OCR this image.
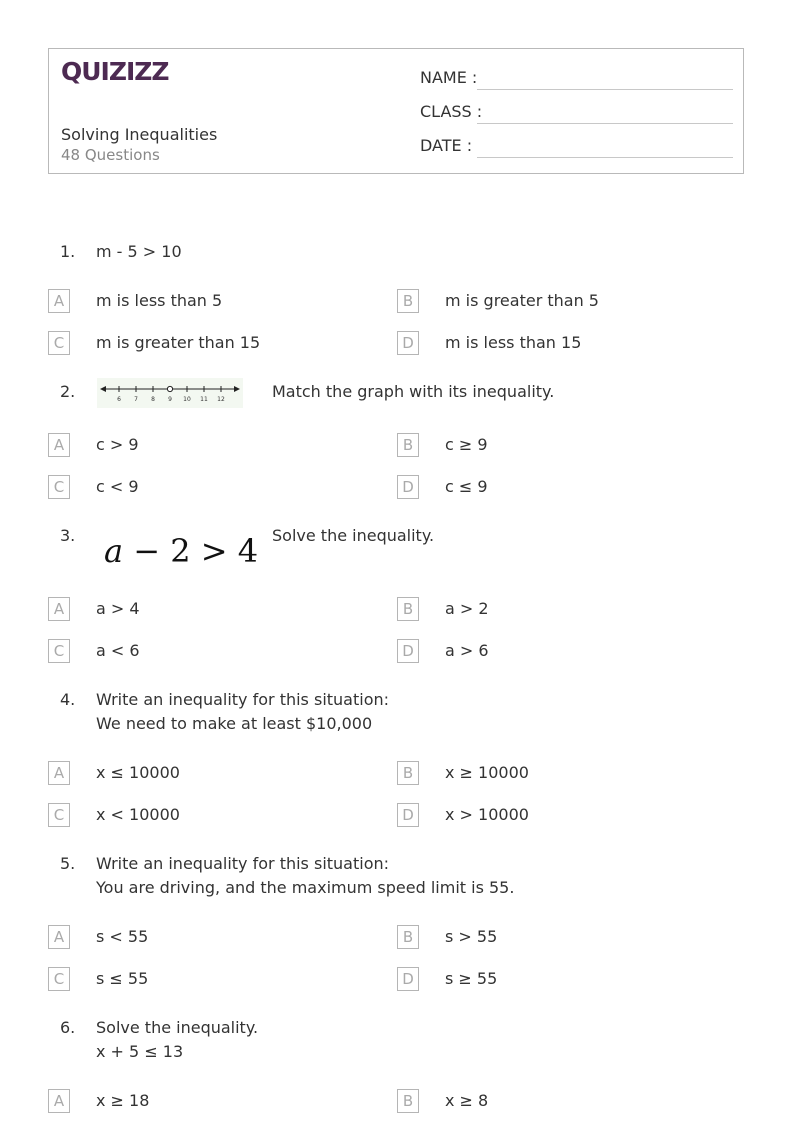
QUIZIZZ
Solving Inequalities
48 Questions
NAME :
CLASS :
DATE :
1. m - 5 > 10
A	m is less than 5	B	m is greater than 5
C	m is greater than 15	D	m is less than 15
2.	6 7 8 9 10 11 12	Match the graph with its inequality.
A	c > 9	B	c ≥ 9
C	c < 9	D	c ≤ 9
3. a − 2 > 4 Solve the inequality.
A	a > 4	B	a > 2
C	a < 6	D	a > 6
4. Write an inequality for this situation:
We need to make at least $10,000
A	x ≤ 10000	B	x ≥ 10000
C	x < 10000	D	x > 10000
5. Write an inequality for this situation:
You are driving, and the maximum speed limit is 55.
A	s < 55	B	s > 55
C	s ≤ 55	D	s ≥ 55
6. Solve the inequality.
x + 5 ≤ 13
A	x ≥ 18	B	x ≥ 8
